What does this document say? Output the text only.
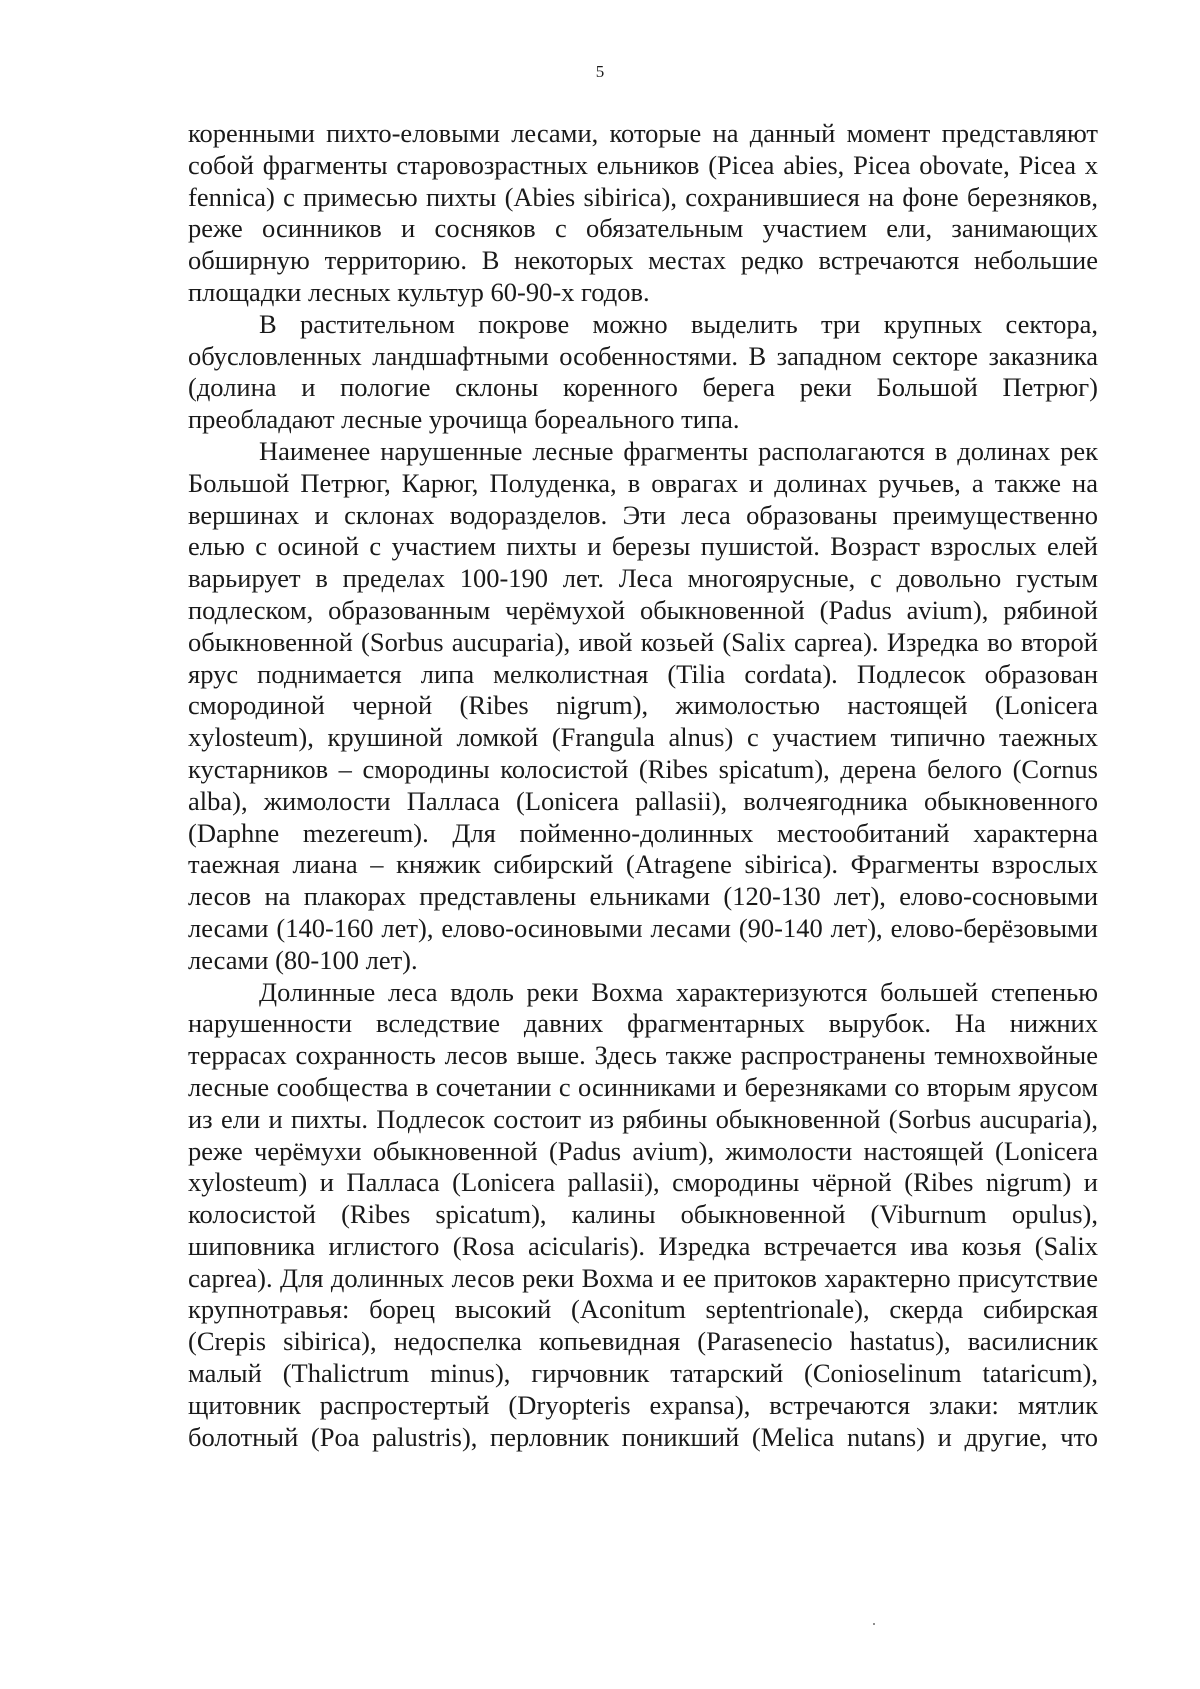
5

коренными пихто-еловыми лесами, которые на данный момент представляют собой фрагменты старовозрастных ельников (Picea abies, Picea obovate, Picea x fennica) с примесью пихты (Abies sibirica), сохранившиеся на фоне березняков, реже осинников и сосняков с обязательным участием ели, занимающих обширную территорию. В некоторых местах редко встречаются небольшие площадки лесных культур 60-90-х годов.

В растительном покрове можно выделить три крупных сектора, обусловленных ландшафтными особенностями. В западном секторе заказника (долина и пологие склоны коренного берега реки Большой Петрюг) преобладают лесные урочища бореального типа.

Наименее нарушенные лесные фрагменты располагаются в долинах рек Большой Петрюг, Карюг, Полуденка, в оврагах и долинах ручьев, а также на вершинах и склонах водоразделов. Эти леса образованы преимущественно елью с осиной с участием пихты и березы пушистой. Возраст взрослых елей варьирует в пределах 100-190 лет. Леса многоярусные, с довольно густым подлеском, образованным черёмухой обыкновенной (Padus avium), рябиной обыкновенной (Sorbus aucuparia), ивой козьей (Salix caprea). Изредка во второй ярус поднимается липа мелколистная (Tilia cordata). Подлесок образован смородиной черной (Ribes nigrum), жимолостью настоящей (Lonicera xylosteum), крушиной ломкой (Frangula alnus) с участием типично таежных кустарников – смородины колосистой (Ribes spicatum), дерена белого (Cornus alba), жимолости Палласа (Lonicera pallasii), волчеягодника обыкновенного (Daphne mezereum). Для пойменно-долинных местообитаний характерна таежная лиана – княжик сибирский (Atragene sibirica). Фрагменты взрослых лесов на плакорах представлены ельниками (120-130 лет), елово-сосновыми лесами (140-160 лет), елово-осиновыми лесами (90-140 лет), елово-берёзовыми лесами (80-100 лет).

Долинные леса вдоль реки Вохма характеризуются большей степенью нарушенности вследствие давних фрагментарных вырубок. На нижних террасах сохранность лесов выше. Здесь также распространены темнохвойные лесные сообщества в сочетании с осинниками и березняками со вторым ярусом из ели и пихты. Подлесок состоит из рябины обыкновенной (Sorbus aucuparia), реже черёмухи обыкновенной (Padus avium), жимолости настоящей (Lonicera xylosteum) и Палласа (Lonicera pallasii), смородины чёрной (Ribes nigrum) и колосистой (Ribes spicatum), калины обыкновенной (Viburnum opulus), шиповника иглистого (Rosa acicularis). Изредка встречается ива козья (Salix caprea). Для долинных лесов реки Вохма и ее притоков характерно присутствие крупнотравья: борец высокий (Aconitum septentrionale), скерда сибирская (Crepis sibirica), недоспелка копьевидная (Parasenecio hastatus), василисник малый (Thalictrum minus), гирчовник татарский (Conioselinum tataricum), щитовник распростертый (Dryopteris expansa), встречаются злаки: мятлик болотный (Poa palustris), перловник поникший (Melica nutans) и другие, что
